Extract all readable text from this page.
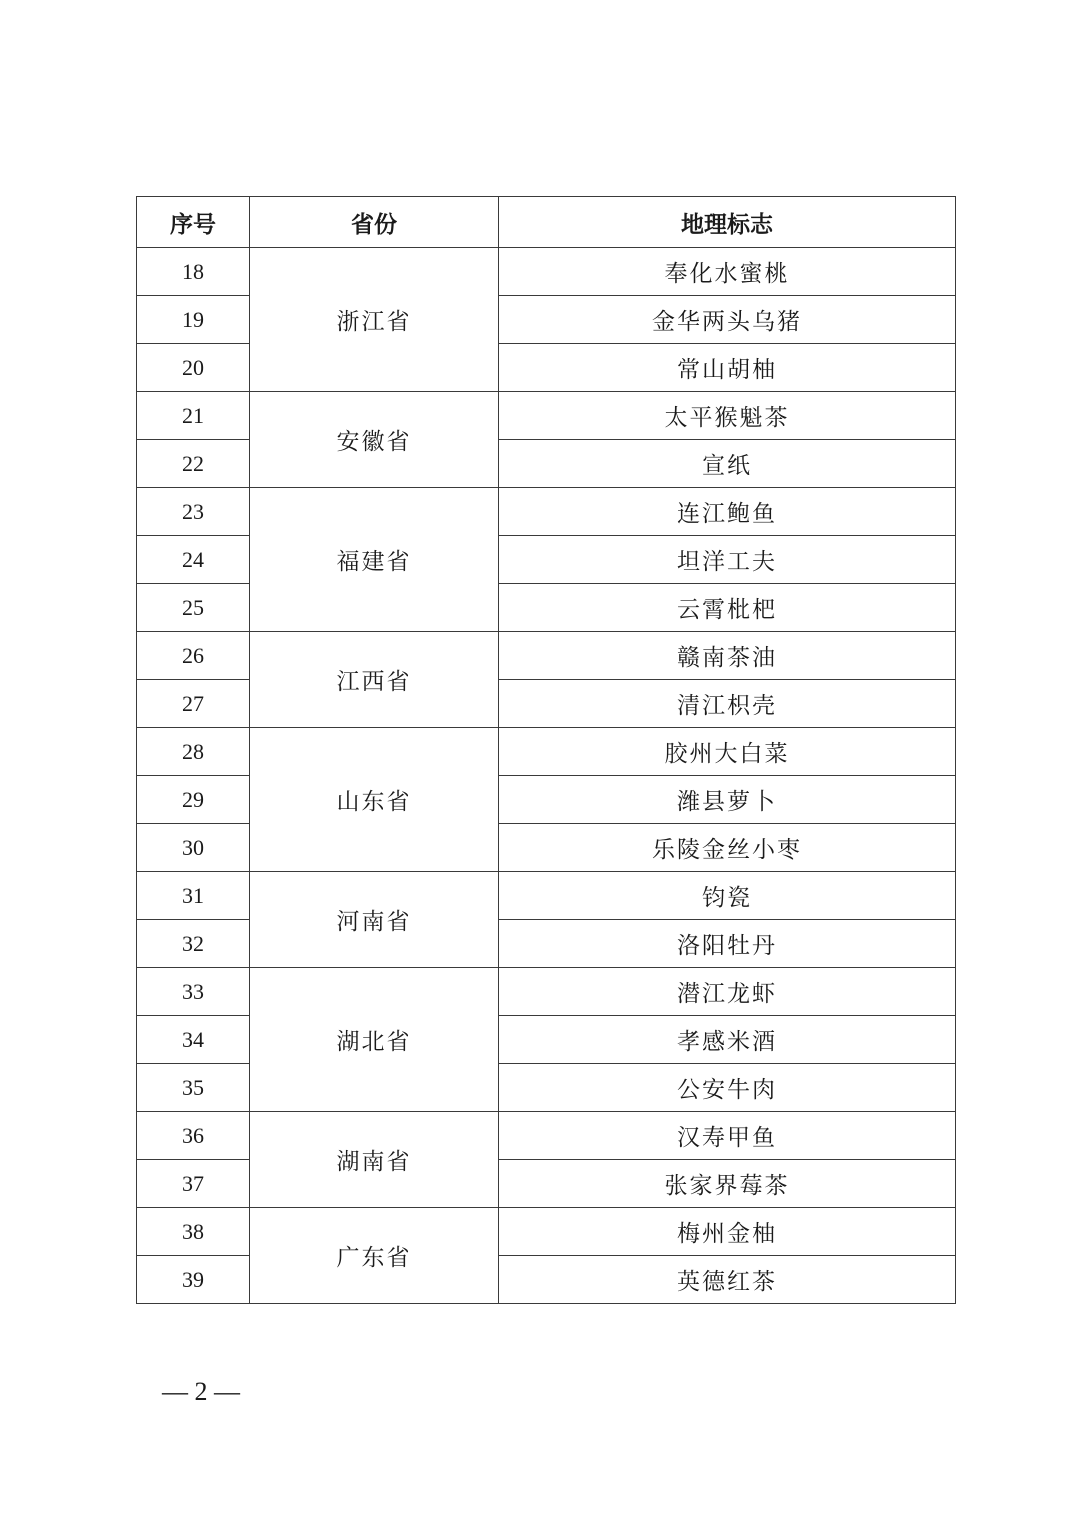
序号	省份	地理标志
18	浙江省	奉化水蜜桃
19		金华两头乌猪
20		常山胡柚
21	安徽省	太平猴魁茶
22		宣纸
23	福建省	连江鲍鱼
24		坦洋工夫
25		云霄枇杷
26	江西省	赣南茶油
27		清江枳壳
28	山东省	胶州大白菜
29		潍县萝卜
30		乐陵金丝小枣
31	河南省	钧瓷
32		洛阳牡丹
33	湖北省	潜江龙虾
34		孝感米酒
35		公安牛肉
36	湖南省	汉寿甲鱼
37		张家界莓茶
38	广东省	梅州金柚
39		英德红茶
— 2 —
